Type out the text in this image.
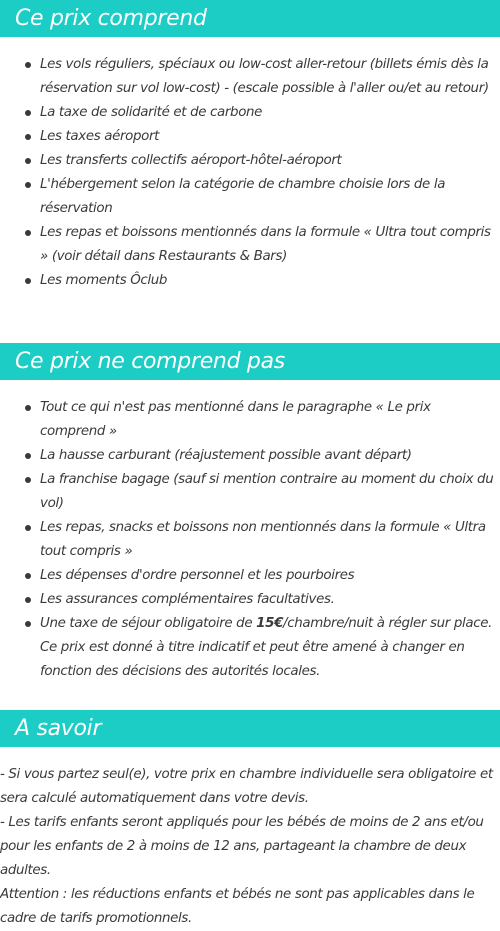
Ce prix comprend
Les vols réguliers, spéciaux ou low-cost aller-retour (billets émis dès la réservation sur vol low-cost) - (escale possible à l'aller ou/et au retour)
La taxe de solidarité et de carbone
Les taxes aéroport
Les transferts collectifs aéroport-hôtel-aéroport
L'hébergement selon la catégorie de chambre choisie lors de la réservation
Les repas et boissons mentionnés dans la formule « Ultra tout compris » (voir détail dans Restaurants & Bars)
Les moments Ôclub
Ce prix ne comprend pas
Tout ce qui n'est pas mentionné dans le paragraphe « Le prix comprend »
La hausse carburant (réajustement possible avant départ)
La franchise bagage (sauf si mention contraire au moment du choix du vol)
Les repas, snacks et boissons non mentionnés dans la formule « Ultra tout compris »
Les dépenses d'ordre personnel et les pourboires
Les assurances complémentaires facultatives.
Une taxe de séjour obligatoire de 15€/chambre/nuit à régler sur place. Ce prix est donné à titre indicatif et peut être amené à changer en fonction des décisions des autorités locales.
A savoir

- Si vous partez seul(e), votre prix en chambre individuelle sera obligatoire et sera calculé automatiquement dans votre devis.

- Les tarifs enfants seront appliqués pour les bébés de moins de 2 ans et/ou pour les enfants de 2 à moins de 12 ans, partageant la chambre de deux adultes.

Attention : les réductions enfants et bébés ne sont pas applicables dans le cadre de tarifs promotionnels.
